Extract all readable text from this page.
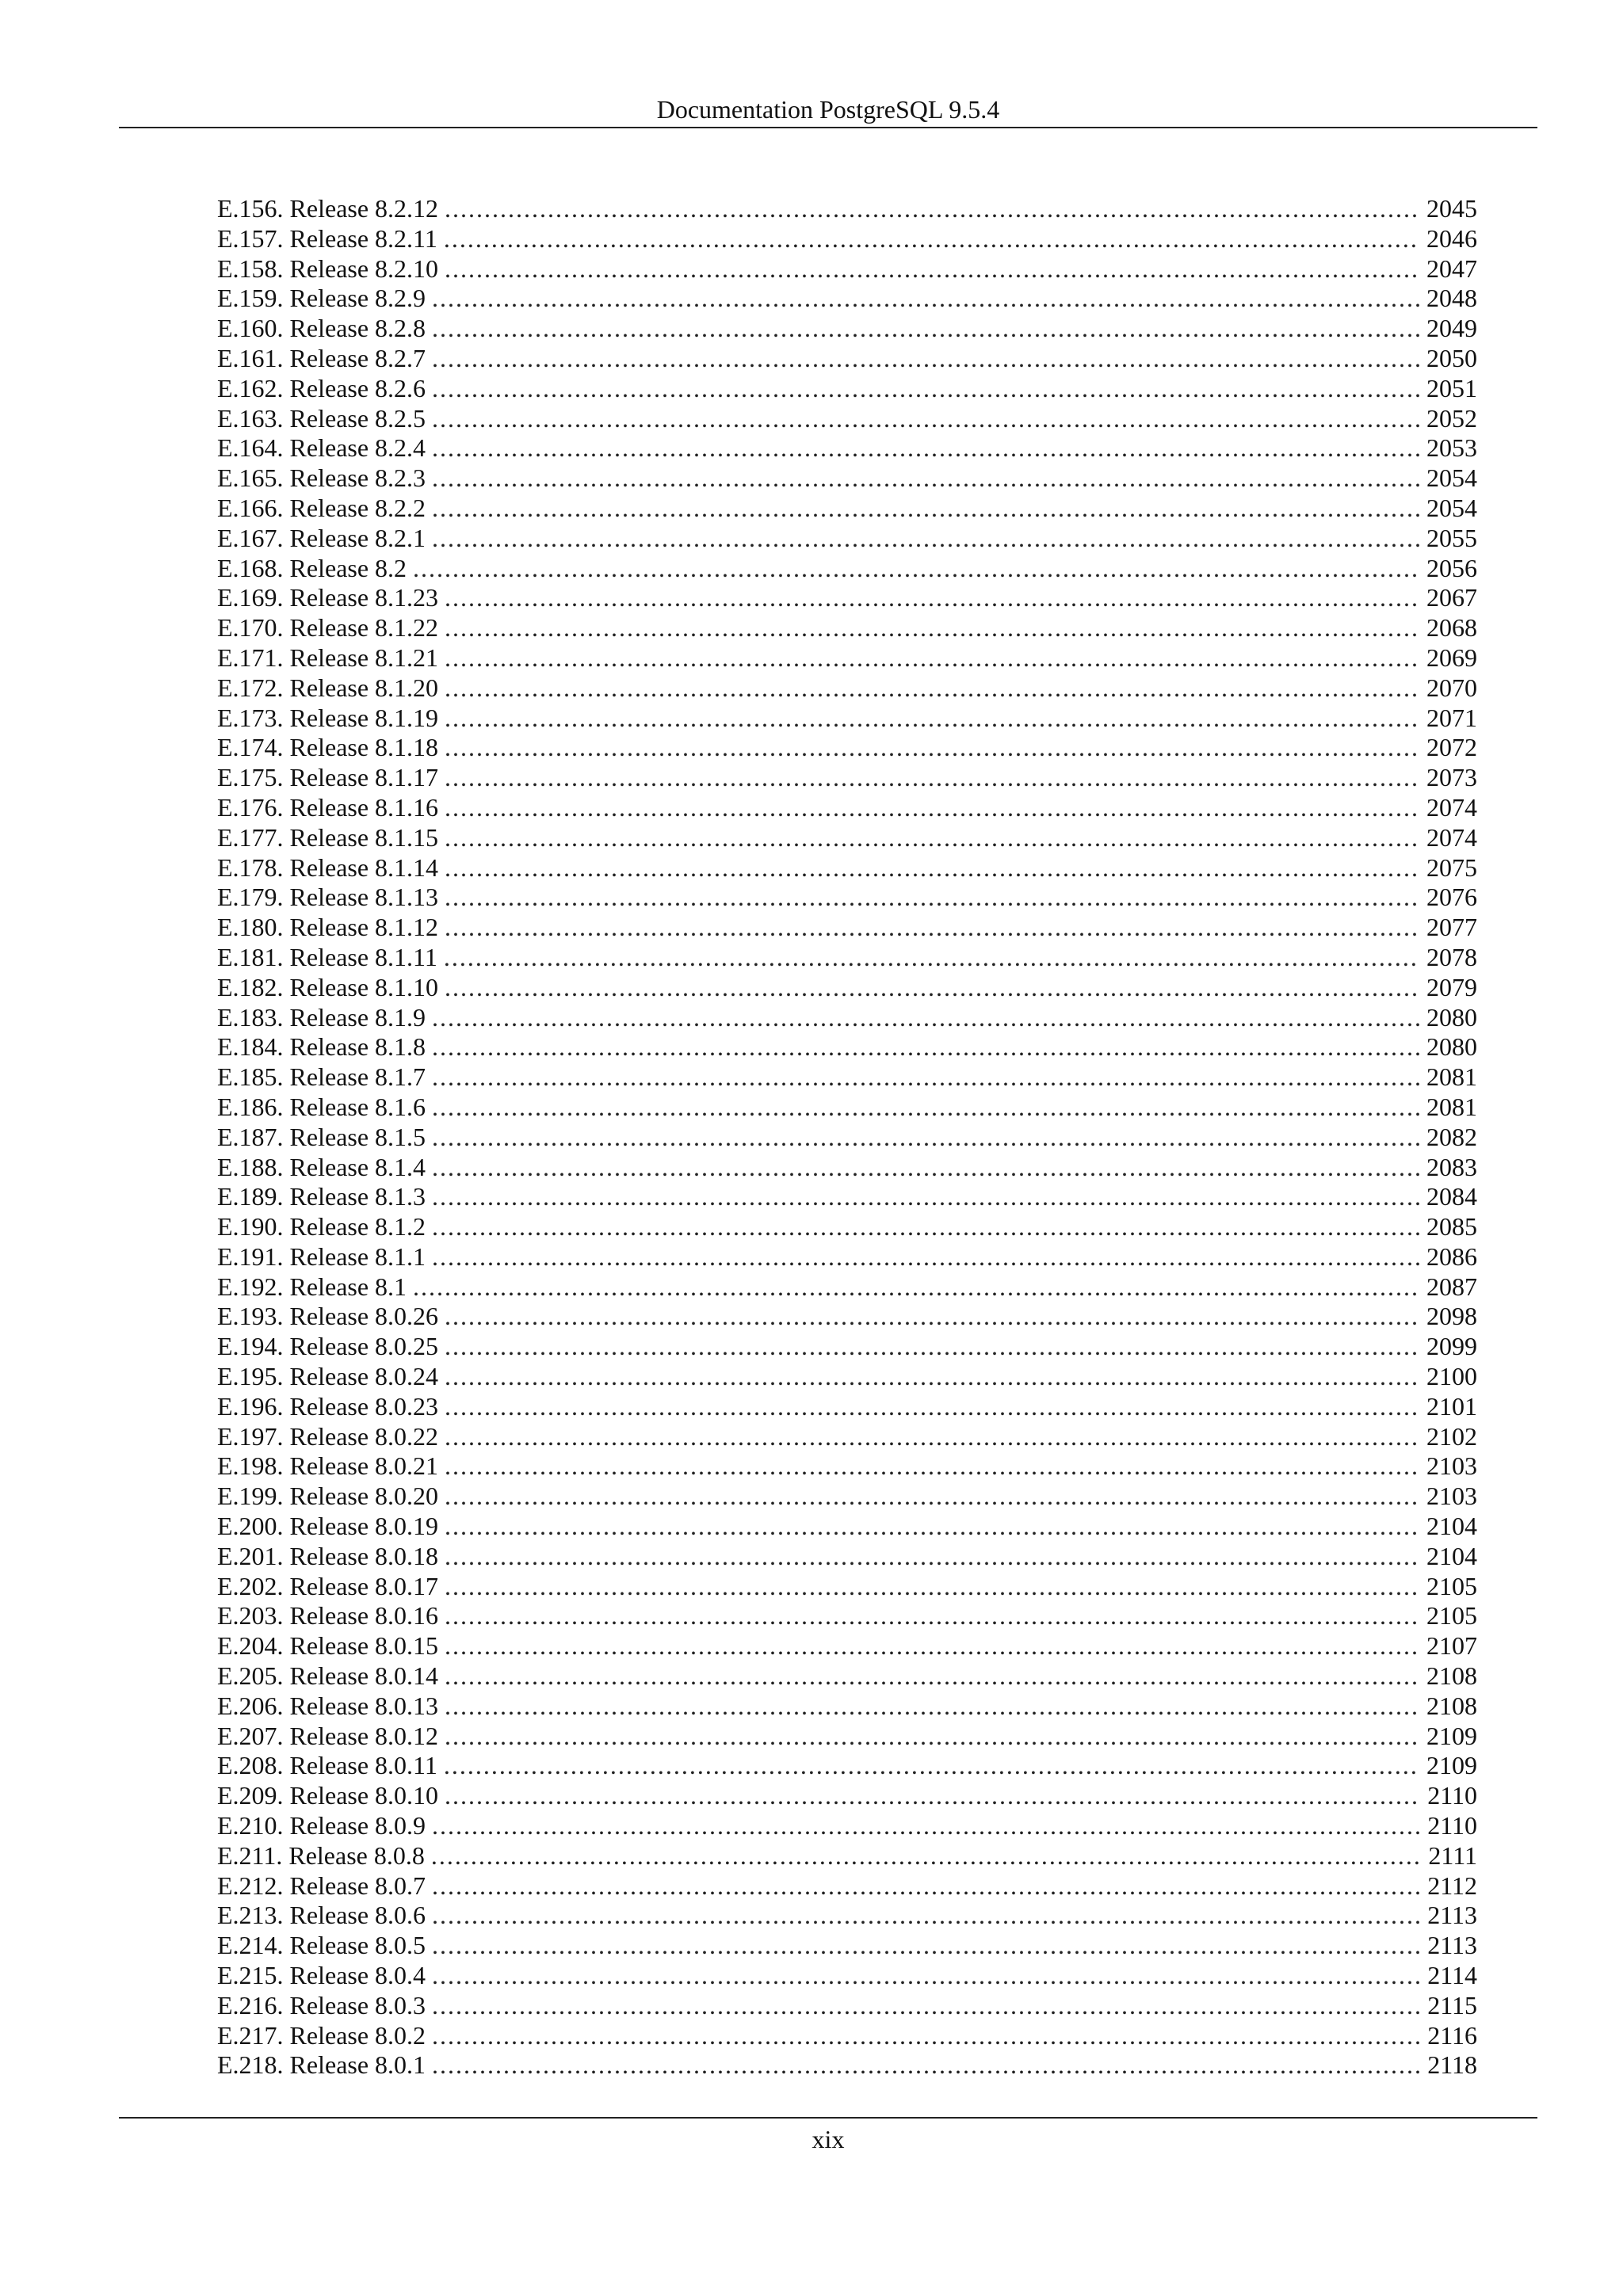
Documentation PostgreSQL 9.5.4
E.156. Release 8.2.12 . . .	2045
E.157. Release 8.2.11 . . .	2046
E.158. Release 8.2.10 . . .	2047
E.159. Release 8.2.9 . . .	2048
E.160. Release 8.2.8 . . .	2049
E.161. Release 8.2.7 . . .	2050
E.162. Release 8.2.6 . . .	2051
E.163. Release 8.2.5 . . .	2052
E.164. Release 8.2.4 . . .	2053
E.165. Release 8.2.3 . . .	2054
E.166. Release 8.2.2 . . .	2054
E.167. Release 8.2.1 . . .	2055
E.168. Release 8.2 . . .	2056
E.169. Release 8.1.23 . . .	2067
E.170. Release 8.1.22 . . .	2068
E.171. Release 8.1.21 . . .	2069
E.172. Release 8.1.20 . . .	2070
E.173. Release 8.1.19 . . .	2071
E.174. Release 8.1.18 . . .	2072
E.175. Release 8.1.17 . . .	2073
E.176. Release 8.1.16 . . .	2074
E.177. Release 8.1.15 . . .	2074
E.178. Release 8.1.14 . . .	2075
E.179. Release 8.1.13 . . .	2076
E.180. Release 8.1.12 . . .	2077
E.181. Release 8.1.11 . . .	2078
E.182. Release 8.1.10 . . .	2079
E.183. Release 8.1.9 . . .	2080
E.184. Release 8.1.8 . . .	2080
E.185. Release 8.1.7 . . .	2081
E.186. Release 8.1.6 . . .	2081
E.187. Release 8.1.5 . . .	2082
E.188. Release 8.1.4 . . .	2083
E.189. Release 8.1.3 . . .	2084
E.190. Release 8.1.2 . . .	2085
E.191. Release 8.1.1 . . .	2086
E.192. Release 8.1 . . .	2087
E.193. Release 8.0.26 . . .	2098
E.194. Release 8.0.25 . . .	2099
E.195. Release 8.0.24 . . .	2100
E.196. Release 8.0.23 . . .	2101
E.197. Release 8.0.22 . . .	2102
E.198. Release 8.0.21 . . .	2103
E.199. Release 8.0.20 . . .	2103
E.200. Release 8.0.19 . . .	2104
E.201. Release 8.0.18 . . .	2104
E.202. Release 8.0.17 . . .	2105
E.203. Release 8.0.16 . . .	2105
E.204. Release 8.0.15 . . .	2107
E.205. Release 8.0.14 . . .	2108
E.206. Release 8.0.13 . . .	2108
E.207. Release 8.0.12 . . .	2109
E.208. Release 8.0.11 . . .	2109
E.209. Release 8.0.10 . . .	2110
E.210. Release 8.0.9 . . .	2110
E.211. Release 8.0.8 . . .	2111
E.212. Release 8.0.7 . . .	2112
E.213. Release 8.0.6 . . .	2113
E.214. Release 8.0.5 . . .	2113
E.215. Release 8.0.4 . . .	2114
E.216. Release 8.0.3 . . .	2115
E.217. Release 8.0.2 . . .	2116
E.218. Release 8.0.1 . . .	2118
xix
